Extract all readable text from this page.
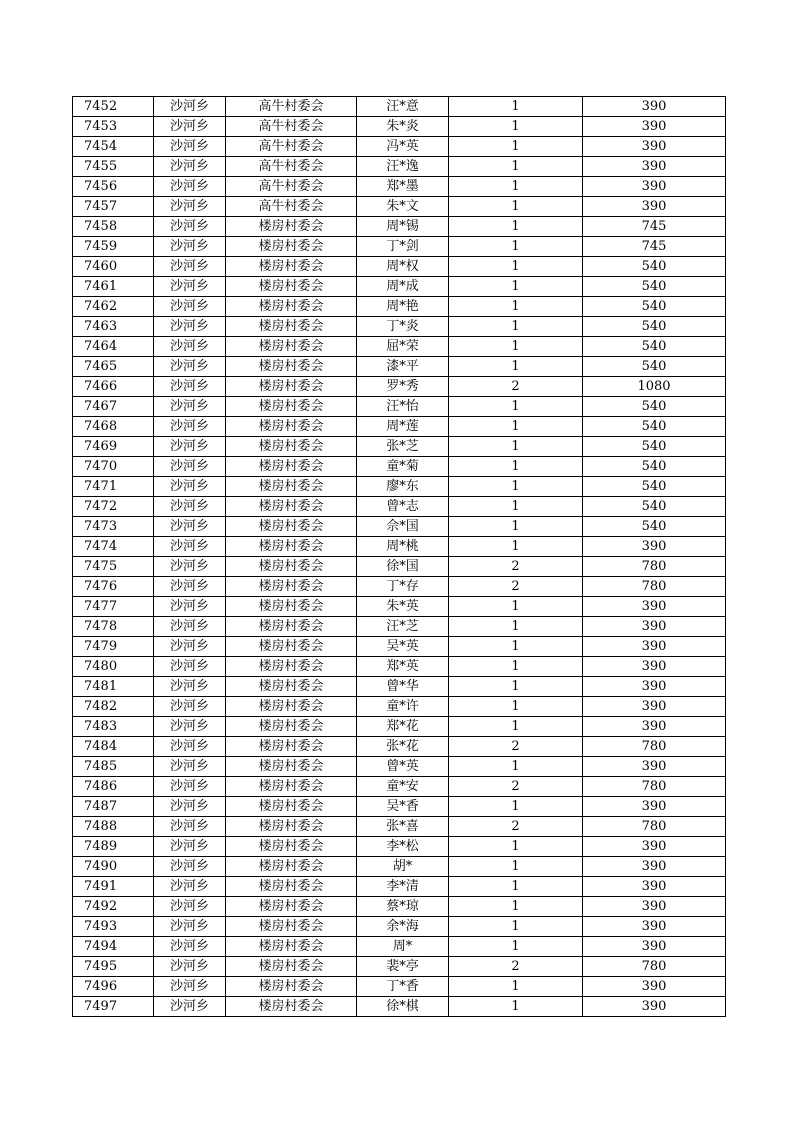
7452	沙河乡	高牛村委会	汪*意	1	390
7453	沙河乡	高牛村委会	朱*炎	1	390
7454	沙河乡	高牛村委会	冯*英	1	390
7455	沙河乡	高牛村委会	汪*逸	1	390
7456	沙河乡	高牛村委会	郑*墨	1	390
7457	沙河乡	高牛村委会	朱*文	1	390
7458	沙河乡	楼房村委会	周*锡	1	745
7459	沙河乡	楼房村委会	丁*剑	1	745
7460	沙河乡	楼房村委会	周*权	1	540
7461	沙河乡	楼房村委会	周*成	1	540
7462	沙河乡	楼房村委会	周*艳	1	540
7463	沙河乡	楼房村委会	丁*炎	1	540
7464	沙河乡	楼房村委会	屈*荣	1	540
7465	沙河乡	楼房村委会	漆*平	1	540
7466	沙河乡	楼房村委会	罗*秀	2	1080
7467	沙河乡	楼房村委会	汪*怡	1	540
7468	沙河乡	楼房村委会	周*莲	1	540
7469	沙河乡	楼房村委会	张*芝	1	540
7470	沙河乡	楼房村委会	童*菊	1	540
7471	沙河乡	楼房村委会	廖*东	1	540
7472	沙河乡	楼房村委会	曾*志	1	540
7473	沙河乡	楼房村委会	佘*国	1	540
7474	沙河乡	楼房村委会	周*桃	1	390
7475	沙河乡	楼房村委会	徐*国	2	780
7476	沙河乡	楼房村委会	丁*存	2	780
7477	沙河乡	楼房村委会	朱*英	1	390
7478	沙河乡	楼房村委会	汪*芝	1	390
7479	沙河乡	楼房村委会	吴*英	1	390
7480	沙河乡	楼房村委会	郑*英	1	390
7481	沙河乡	楼房村委会	曾*华	1	390
7482	沙河乡	楼房村委会	童*许	1	390
7483	沙河乡	楼房村委会	郑*花	1	390
7484	沙河乡	楼房村委会	张*花	2	780
7485	沙河乡	楼房村委会	曾*英	1	390
7486	沙河乡	楼房村委会	童*安	2	780
7487	沙河乡	楼房村委会	吴*香	1	390
7488	沙河乡	楼房村委会	张*喜	2	780
7489	沙河乡	楼房村委会	李*松	1	390
7490	沙河乡	楼房村委会	胡*	1	390
7491	沙河乡	楼房村委会	李*清	1	390
7492	沙河乡	楼房村委会	蔡*琼	1	390
7493	沙河乡	楼房村委会	余*海	1	390
7494	沙河乡	楼房村委会	周*	1	390
7495	沙河乡	楼房村委会	裴*亭	2	780
7496	沙河乡	楼房村委会	丁*香	1	390
7497	沙河乡	楼房村委会	徐*棋	1	390
